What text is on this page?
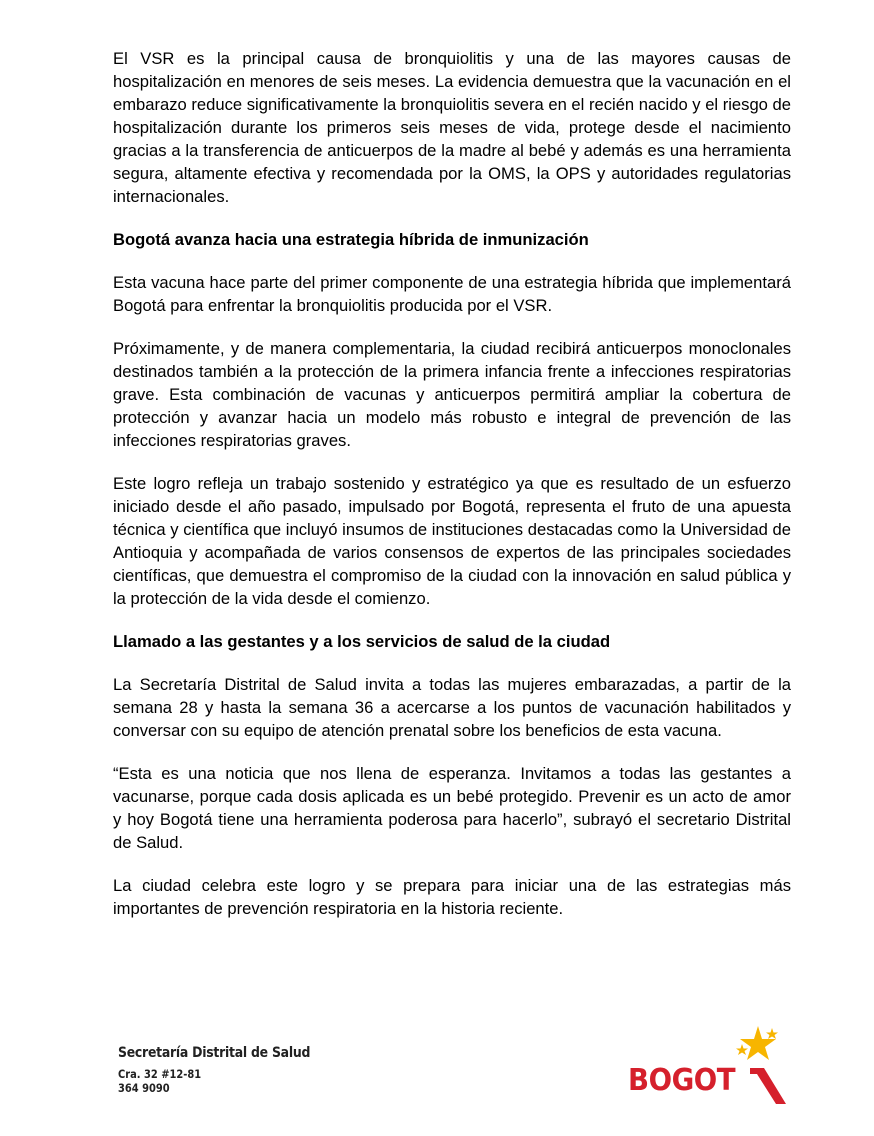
El VSR es la principal causa de bronquiolitis y una de las mayores causas de hospitalización en menores de seis meses. La evidencia demuestra que la vacunación en el embarazo reduce significativamente la bronquiolitis severa en el recién nacido y el riesgo de hospitalización durante los primeros seis meses de vida, protege desde el nacimiento gracias a la transferencia de anticuerpos de la madre al bebé y además es una herramienta segura, altamente efectiva y recomendada por la OMS, la OPS y autoridades regulatorias internacionales.

Bogotá avanza hacia una estrategia híbrida de inmunización

Esta vacuna hace parte del primer componente de una estrategia híbrida que implementará Bogotá para enfrentar la bronquiolitis producida por el VSR.

Próximamente, y de manera complementaria, la ciudad recibirá anticuerpos monoclonales destinados también a la protección de la primera infancia frente a infecciones respiratorias grave. Esta combinación de vacunas y anticuerpos permitirá ampliar la cobertura de protección y avanzar hacia un modelo más robusto e integral de prevención de las infecciones respiratorias graves.

Este logro refleja un trabajo sostenido y estratégico ya que es resultado de un esfuerzo iniciado desde el año pasado, impulsado por Bogotá, representa el fruto de una apuesta técnica y científica que incluyó insumos de instituciones destacadas como la Universidad de Antioquia y acompañada de varios consensos de expertos de las principales sociedades científicas, que demuestra el compromiso de la ciudad con la innovación en salud pública y la protección de la vida desde el comienzo.

Llamado a las gestantes y a los servicios de salud de la ciudad

La Secretaría Distrital de Salud invita a todas las mujeres embarazadas, a partir de la semana 28 y hasta la semana 36 a acercarse a los puntos de vacunación habilitados y conversar con su equipo de atención prenatal sobre los beneficios de esta vacuna.

“Esta es una noticia que nos llena de esperanza. Invitamos a todas las gestantes a vacunarse, porque cada dosis aplicada es un bebé protegido. Prevenir es un acto de amor y hoy Bogotá tiene una herramienta poderosa para hacerlo”, subrayó el secretario Distrital de Salud.

La ciudad celebra este logro y se prepara para iniciar una de las estrategias más importantes de prevención respiratoria en la historia reciente.

Secretaría Distrital de Salud
Cra. 32 #12-81
364 9090	BOGOT
